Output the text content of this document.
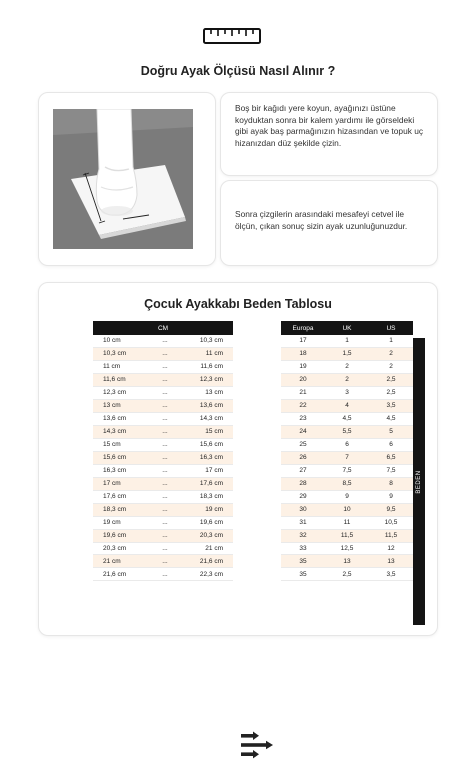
Doğru Ayak Ölçüsü Nasıl Alınır ?
Boş bir kağıdı yere koyun, ayağınızı üstüne koyduktan sonra bir kalem yardımı ile görseldeki gibi ayak baş parmağınızın hizasından ve topuk uç hizanızdan düz şekilde çizin.
Sonra çizgilerin arasındaki mesafeyi cetvel ile ölçün, çıkan sonuç sizin ayak uzunluğunuzdur.
Çocuk Ayakkabı Beden Tablosu
CM		
10 cm	...	10,3 cm
10,3 cm	...	11 cm
11 cm	...	11,6 cm
11,6 cm	...	12,3 cm
12,3 cm	...	13 cm
13 cm	...	13,6 cm
13,6 cm	...	14,3 cm
14,3 cm	...	15 cm
15 cm	...	15,6 cm
15,6 cm	...	16,3 cm
16,3 cm	...	17 cm
17 cm	...	17,6 cm
17,6 cm	...	18,3 cm
18,3 cm	...	19 cm
19 cm	...	19,6 cm
19,6 cm	...	20,3 cm
20,3 cm	...	21 cm
21 cm	...	21,6 cm
21,6 cm	...	22,3 cm
Europa	UK	US
17	1	1
18	1,5	2
19	2	2
20	2	2,5
21	3	2,5
22	4	3,5
23	4,5	4,5
24	5,5	5
25	6	6
26	7	6,5
27	7,5	7,5
28	8,5	8
29	9	9
30	10	9,5
31	11	10,5
32	11,5	11,5
33	12,5	12
35	13	13
35	2,5	3,5
BEDEN
